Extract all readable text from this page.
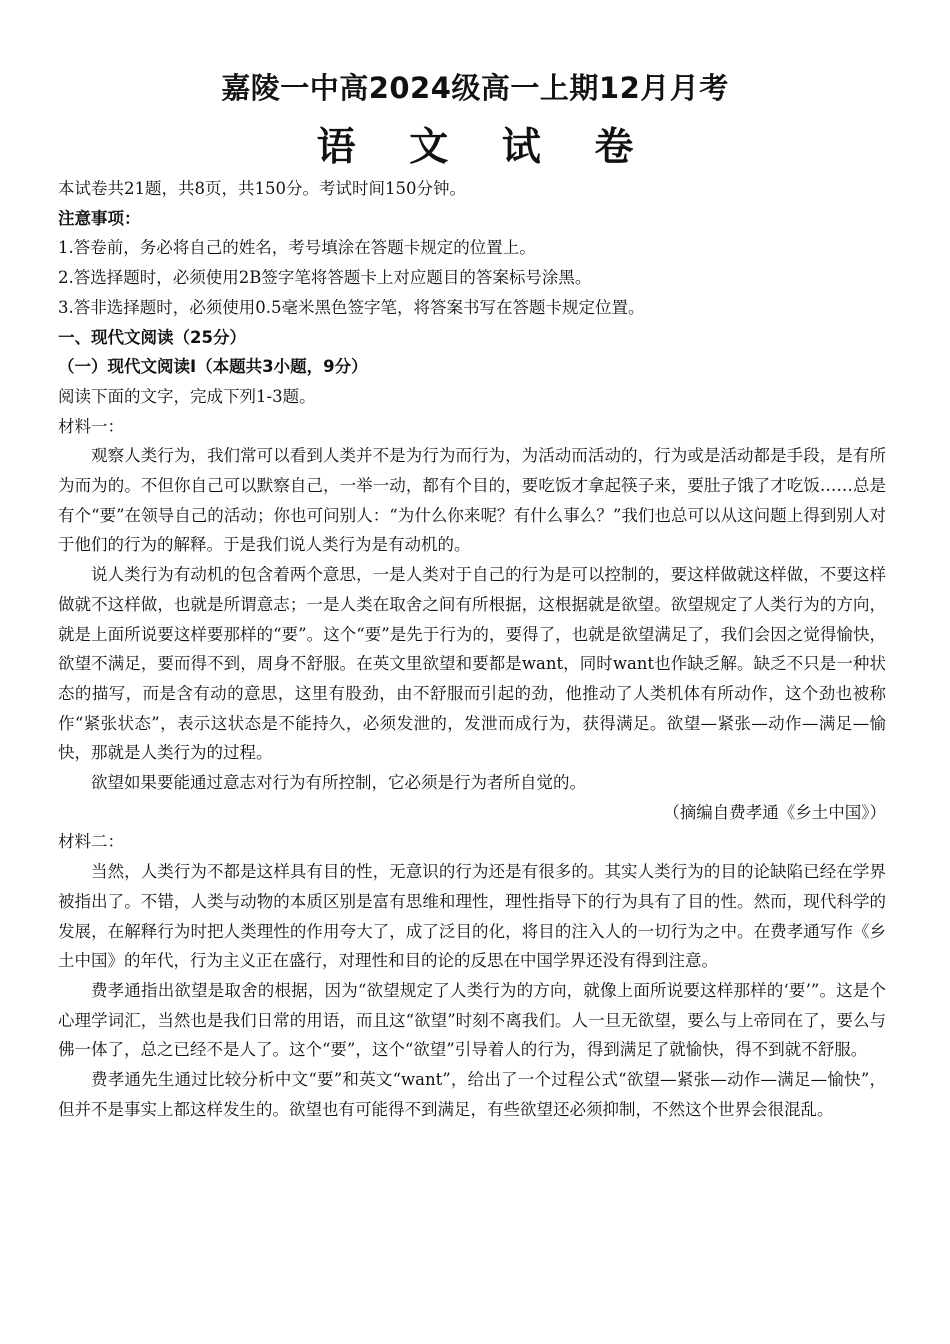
嘉陵一中高2024级高一上期12月月考
语 文 试 卷

本试卷共21题，共8页，共150分。考试时间150分钟。

注意事项：

1.答卷前，务必将自己的姓名，考号填涂在答题卡规定的位置上。

2.答选择题时，必须使用2B签字笔将答题卡上对应题目的答案标号涂黑。

3.答非选择题时，必须使用0.5毫米黑色签字笔，将答案书写在答题卡规定位置。

一、现代文阅读（25分）

（一）现代文阅读Ⅰ（本题共3小题，9分）

阅读下面的文字，完成下列1-3题。

材料一：

观察人类行为，我们常可以看到人类并不是为行为而行为，为活动而活动的，行为或是活动都是手段，是有所为而为的。不但你自己可以默察自己，一举一动，都有个目的，要吃饭才拿起筷子来，要肚子饿了才吃饭……总是有个“要”在领导自己的活动；你也可问别人：“为什么你来呢？有什么事么？”我们也总可以从这问题上得到别人对于他们的行为的解释。于是我们说人类行为是有动机的。

说人类行为有动机的包含着两个意思，一是人类对于自己的行为是可以控制的，要这样做就这样做，不要这样做就不这样做，也就是所谓意志；一是人类在取舍之间有所根据，这根据就是欲望。欲望规定了人类行为的方向，就是上面所说要这样要那样的“要”。这个“要”是先于行为的，要得了，也就是欲望满足了，我们会因之觉得愉快，欲望不满足，要而得不到，周身不舒服。在英文里欲望和要都是want，同时want也作缺乏解。缺乏不只是一种状态的描写，而是含有动的意思，这里有股劲，由不舒服而引起的劲，他推动了人类机体有所动作，这个劲也被称作“紧张状态”，表示这状态是不能持久，必须发泄的，发泄而成行为，获得满足。欲望—紧张—动作—满足—愉快，那就是人类行为的过程。

欲望如果要能通过意志对行为有所控制，它必须是行为者所自觉的。

（摘编自费孝通《乡土中国》）

材料二：

当然，人类行为不都是这样具有目的性，无意识的行为还是有很多的。其实人类行为的目的论缺陷已经在学界被指出了。不错，人类与动物的本质区别是富有思维和理性，理性指导下的行为具有了目的性。然而，现代科学的发展，在解释行为时把人类理性的作用夸大了，成了泛目的化，将目的注入人的一切行为之中。在费孝通写作《乡土中国》的年代，行为主义正在盛行，对理性和目的论的反思在中国学界还没有得到注意。

费孝通指出欲望是取舍的根据，因为“欲望规定了人类行为的方向，就像上面所说要这样那样的‘要’”。这是个心理学词汇，当然也是我们日常的用语，而且这“欲望”时刻不离我们。人一旦无欲望，要么与上帝同在了，要么与佛一体了，总之已经不是人了。这个“要”，这个“欲望”引导着人的行为，得到满足了就愉快，得不到就不舒服。

费孝通先生通过比较分析中文“要”和英文“want”，给出了一个过程公式“欲望—紧张—动作—满足—愉快”，但并不是事实上都这样发生的。欲望也有可能得不到满足，有些欲望还必须抑制，不然这个世界会很混乱。
